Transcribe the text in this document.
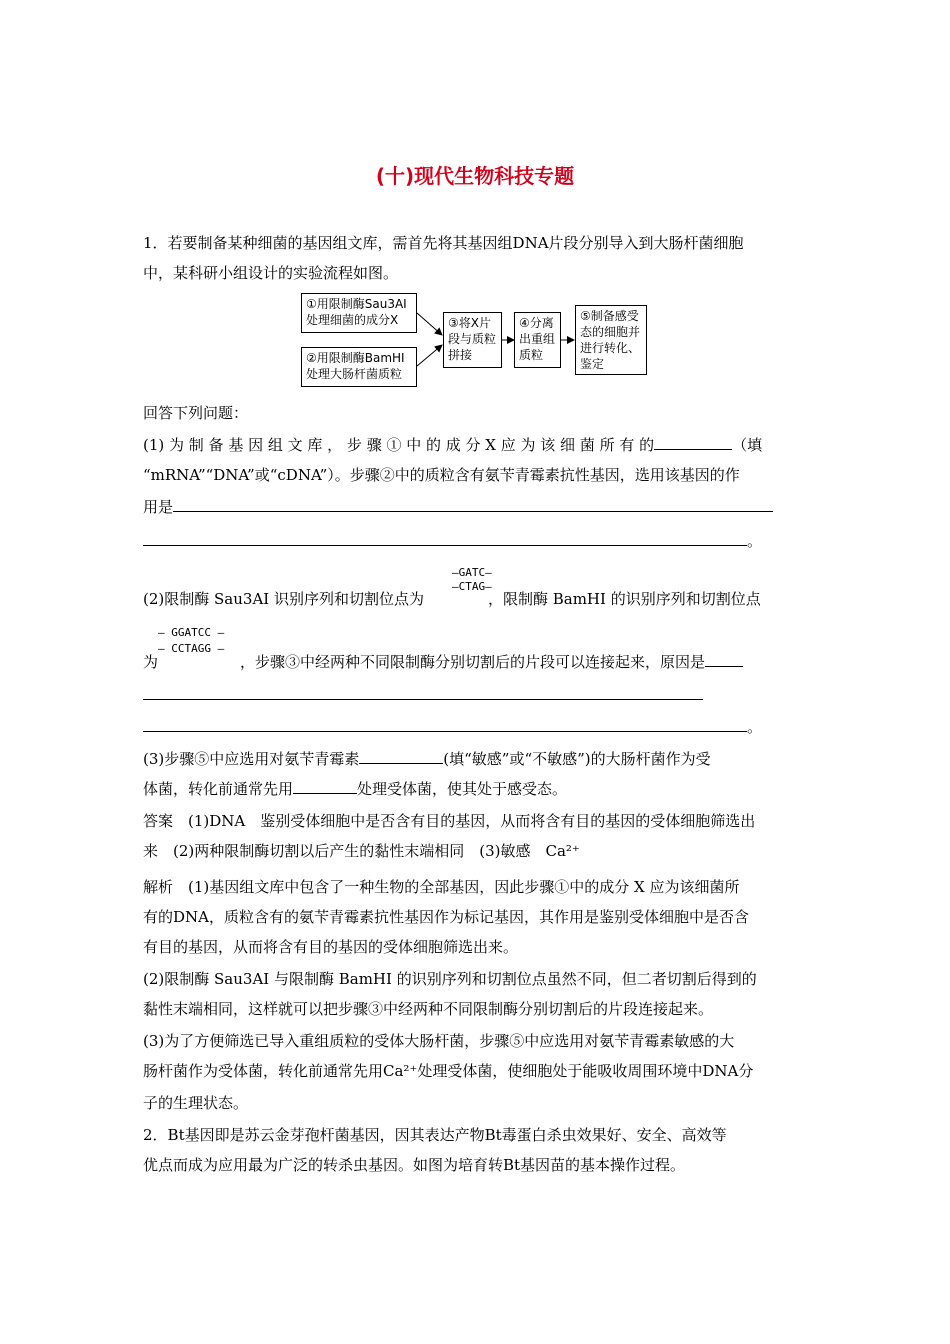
(十)现代生物科技专题
1．若要制备某种细菌的基因组文库，需首先将其基因组DNA片段分别导入到大肠杆菌细胞
中，某科研小组设计的实验流程如图。
①用限制酶Sau3AⅠ处理细菌的成分X
②用限制酶BamHⅠ处理大肠杆菌质粒
③将X片段与质粒拼接
④分离出重组质粒
⑤制备感受态的细胞并进行转化、鉴定
回答下列问题：
(1) 为 制 备 基 因 组 文 库 ， 步 骤 ① 中 的 成 分 X 应 为 该 细 菌 所 有 的	（填
“mRNA”“DNA”或“cDNA”）。步骤②中的质粒含有氨苄青霉素抗性基因，选用该基因的作
用是
。
—GATC—
—CTAG—
(2)限制酶 Sau3AⅠ 识别序列和切割位点为	，限制酶 BamHⅠ 的识别序列和切割位点
— GGATCC —
— CCTAGG —
为	，步骤③中经两种不同限制酶分别切割后的片段可以连接起来，原因是
。
(3)步骤⑤中应选用对氨苄青霉素	(填“敏感”或“不敏感”)的大肠杆菌作为受
体菌，转化前通常先用	处理受体菌，使其处于感受态。
答案　(1)DNA　鉴别受体细胞中是否含有目的基因，从而将含有目的基因的受体细胞筛选出
来　(2)两种限制酶切割以后产生的黏性末端相同　(3)敏感　Ca²⁺
解析　(1)基因组文库中包含了一种生物的全部基因，因此步骤①中的成分 X 应为该细菌所
有的DNA，质粒含有的氨苄青霉素抗性基因作为标记基因，其作用是鉴别受体细胞中是否含
有目的基因，从而将含有目的基因的受体细胞筛选出来。
(2)限制酶 Sau3AⅠ 与限制酶 BamHⅠ 的识别序列和切割位点虽然不同，但二者切割后得到的
黏性末端相同，这样就可以把步骤③中经两种不同限制酶分别切割后的片段连接起来。
(3)为了方便筛选已导入重组质粒的受体大肠杆菌，步骤⑤中应选用对氨苄青霉素敏感的大
肠杆菌作为受体菌，转化前通常先用Ca²⁺处理受体菌，使细胞处于能吸收周围环境中DNA分
子的生理状态。
2．Bt基因即是苏云金芽孢杆菌基因，因其表达产物Bt毒蛋白杀虫效果好、安全、高效等
优点而成为应用最为广泛的转杀虫基因。如图为培育转Bt基因苗的基本操作过程。
